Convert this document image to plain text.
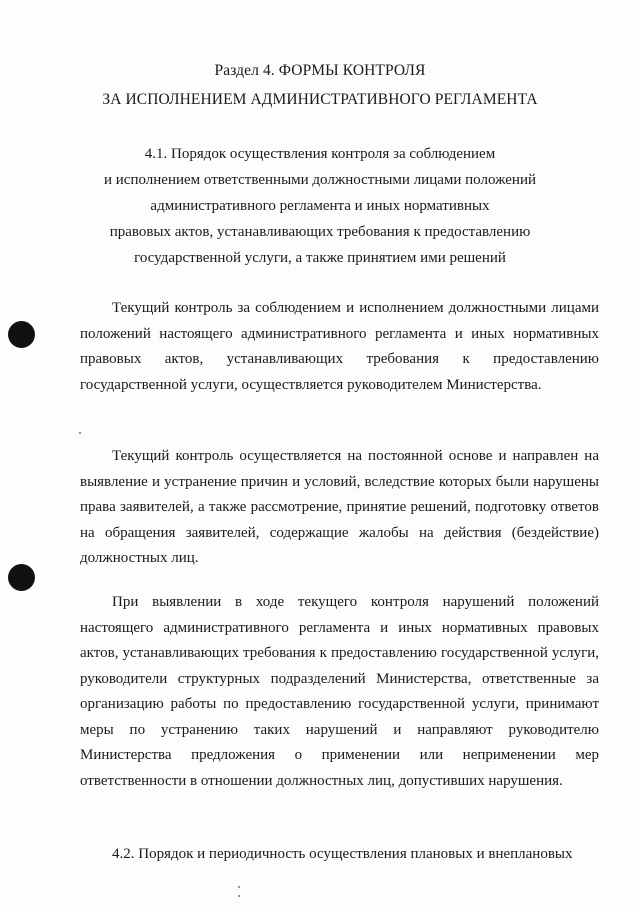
Раздел 4. ФОРМЫ КОНТРОЛЯ
ЗА ИСПОЛНЕНИЕМ АДМИНИСТРАТИВНОГО РЕГЛАМЕНТА
4.1. Порядок осуществления контроля за соблюдением
и исполнением ответственными должностными лицами положений
административного регламента и иных нормативных
правовых актов, устанавливающих требования к предоставлению
государственной услуги, а также принятием ими решений

Текущий контроль за соблюдением и исполнением должностными лицами положений настоящего административного регламента и иных нормативных правовых актов, устанавливающих требования к предоставлению государственной услуги, осуществляется руководителем Министерства.

Текущий контроль осуществляется на постоянной основе и направлен на выявление и устранение причин и условий, вследствие которых были нарушены права заявителей, а также рассмотрение, принятие решений, подготовку ответов на обращения заявителей, содержащие жалобы на действия (бездействие) должностных лиц.

При выявлении в ходе текущего контроля нарушений положений настоящего административного регламента и иных нормативных правовых актов, устанавливающих требования к предоставлению государственной услуги, руководители структурных подразделений Министерства, ответственные за организацию работы по предоставлению государственной услуги, принимают меры по устранению таких нарушений и направляют руководителю Министерства предложения о применении или неприменении мер ответственности в отношении должностных лиц, допустивших нарушения.

4.2. Порядок и периодичность осуществления плановых и внеплановых
